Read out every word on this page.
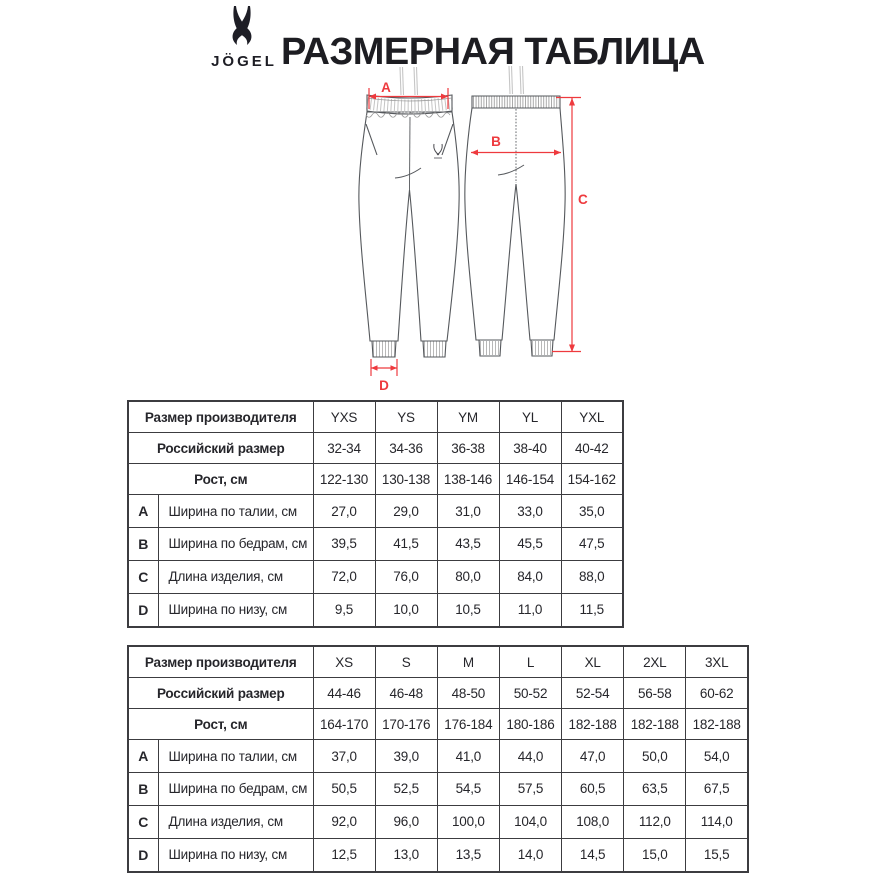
JÖGEL РАЗМЕРНАЯ ТАБЛИЦА
A
B
C
D
Размер производителя		YXS	YS	YM	YL	YXL
Российский размер		32-34	34-36	36-38	38-40	40-42
Рост, см		122-130	130-138	138-146	146-154	154-162
A	Ширина по талии, см	27,0	29,0	31,0	33,0	35,0
B	Ширина по бедрам, см	39,5	41,5	43,5	45,5	47,5
C	Длина изделия, см	72,0	76,0	80,0	84,0	88,0
D	Ширина по низу, см	9,5	10,0	10,5	11,0	11,5
Размер производителя		XS	S	M	L	XL	2XL	3XL
Российский размер		44-46	46-48	48-50	50-52	52-54	56-58	60-62
Рост, см		164-170	170-176	176-184	180-186	182-188	182-188	182-188
A	Ширина по талии, см	37,0	39,0	41,0	44,0	47,0	50,0	54,0
B	Ширина по бедрам, см	50,5	52,5	54,5	57,5	60,5	63,5	67,5
C	Длина изделия, см	92,0	96,0	100,0	104,0	108,0	112,0	114,0
D	Ширина по низу, см	12,5	13,0	13,5	14,0	14,5	15,0	15,5
